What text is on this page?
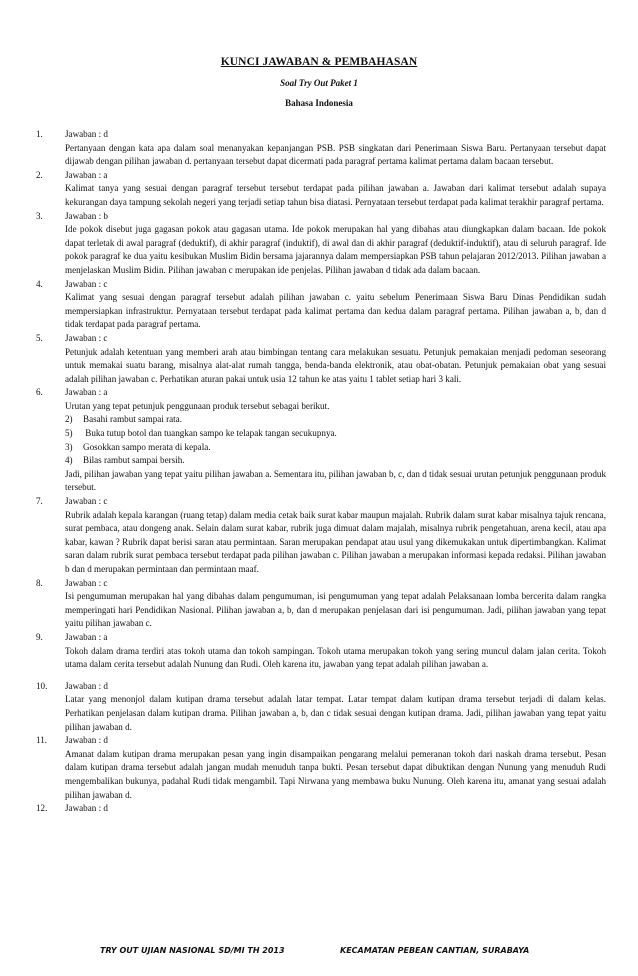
KUNCI JAWABAN & PEMBAHASAN
Soal Try Out Paket 1
Bahasa Indonesia
1.	Jawaban : d
Pertanyaan dengan kata apa dalam soal menanyakan kepanjangan PSB. PSB singkatan dari Penerimaan Siswa Baru. Pertanyaan tersebut dapat dijawab dengan pilihan jawaban d. pertanyaan tersebut dapat dicermati pada paragraf pertama kalimat pertama dalam bacaan tersebut.
2.	Jawaban : a
Kalimat tanya yang sesuai dengan paragraf tersebut tersebut terdapat pada pilihan jawaban a. Jawaban dari kalimat tersebut adalah supaya kekurangan daya tampung sekolah negeri yang terjadi setiap tahun bisa diatasi. Pernyataan tersebut terdapat pada kalimat terakhir paragraf pertama.
3.	Jawaban : b
Ide pokok disebut juga gagasan pokok atau gagasan utama. Ide pokok merupakan hal yang dibahas atau diungkapkan dalam bacaan. Ide pokok dapat terletak di awal paragraf (deduktif), di akhir paragraf (induktif), di awal dan di akhir paragraf (deduktif-induktif), atau di seluruh paragraf. Ide pokok paragraf ke dua yaitu kesibukan Muslim Bidin bersama jajarannya dalam mempersiapkan PSB tahun pelajaran 2012/2013. Pilihan jawaban a menjelaskan Muslim Bidin. Pilihan jawaban c merupakan ide penjelas. Pilihan jawaban d tidak ada dalam bacaan.
4.	Jawaban : c
Kalimat yang sesuai dengan paragraf tersebut adalah pilihan jawaban c. yaitu sebelum Penerimaan Siswa Baru Dinas Pendidikan sudah mempersiapkan infrastruktur. Pernyataan tersebut terdapat pada kalimat pertama dan kedua dalam paragraf pertama. Pilihan jawaban a, b, dan d tidak terdapat pada paragraf pertama.
5.	Jawaban : c
Petunjuk adalah ketentuan yang memberi arah atau bimbingan tentang cara melakukan sesuatu. Petunjuk pemakaian menjadi pedoman seseorang untuk memakai suatu barang, misalnya alat-alat rumah tangga, benda-banda elektronik, atau obat-obatan. Petunjuk pemakaian obat yang sesuai adalah pilihan jawaban c. Perhatikan aturan pakai untuk usia 12 tahun ke atas yaitu 1 tablet setiap hari 3 kali.
6.	Jawaban : a
Urutan yang tepat petunjuk penggunaan produk tersebut sebagai berikut.
2) Basahi rambut sampai rata.
5) Buka tutup botol dan tuangkan sampo ke telapak tangan secukupnya.
3) Gosokkan sampo merata di kepala.
4) Bilas rambut sampai bersih.
Jadi, pilihan jawaban yang tepat yaitu pilihan jawaban a. Sementara itu, pilihan jawaban b, c, dan d tidak sesuai urutan petunjuk penggunaan produk tersebut.
7.	Jawaban : c
Rubrik adalah kepala karangan (ruang tetap) dalam media cetak baik surat kabar maupun majalah. Rubrik dalam surat kabar misalnya tajuk rencana, surat pembaca, atau dongeng anak. Selain dalam surat kabar, rubrik juga dimuat dalam majalah, misalnya rubrik pengetahuan, arena kecil, atau apa kabar, kawan ? Rubrik dapat berisi saran atau permintaan. Saran merupakan pendapat atau usul yang dikemukakan untuk dipertimbangkan. Kalimat saran dalam rubrik surat pembaca tersebut terdapat pada pilihan jawaban c. Pilihan jawaban a merupakan informasi kepada redaksi. Pilihan jawaban b dan d merupakan permintaan dan permintaan maaf.
8.	Jawaban : c
Isi pengumuman merupakan hal yang dibahas dalam pengumuman, isi pengumuman yang tepat adalah Pelaksanaan lomba bercerita dalam rangka memperingati hari Pendidikan Nasional. Pilihan jawaban a, b, dan d merupakan penjelasan dari isi pengumuman. Jadi, pilihan jawaban yang tepat yaitu pilihan jawaban c.
9.	Jawaban : a
Tokoh dalam drama terdiri atas tokoh utama dan tokoh sampingan. Tokoh utama merupakan tokoh yang sering muncul dalam jalan cerita. Tokoh utama dalam cerita tersebut adalah Nunung dan Rudi. Oleh karena itu, jawaban yang tepat adalah pilihan jawaban a.
10.	Jawaban : d
Latar yang menonjol dalam kutipan drama tersebut adalah latar tempat. Latar tempat dalam kutipan drama tersebut terjadi di dalam kelas. Perhatikan penjelasan dalam kutipan drama. Pilihan jawaban a, b, dan c tidak sesuai dengan kutipan drama. Jadi, pilihan jawaban yang tepat yaitu pilihan jawaban d.
11.	Jawaban : d
Amanat dalam kutipan drama merupakan pesan yang ingin disampaikan pengarang melalui pemeranan tokoh dari naskah drama tersebut. Pesan dalam kutipan drama tersebut adalah jangan mudah menuduh tanpa bukti. Pesan tersebut dapat dibuktikan dengan Nunung yang menuduh Rudi mengembalikan bukunya, padahal Rudi tidak mengambil. Tapi Nirwana yang membawa buku Nunung. Oleh karena itu, amanat yang sesuai adalah pilihan jawaban d.
12.	Jawaban : d
TRY OUT UJIAN NASIONAL SD/MI TH 2013	KECAMATAN PEBEAN CANTIAN, SURABAYA
